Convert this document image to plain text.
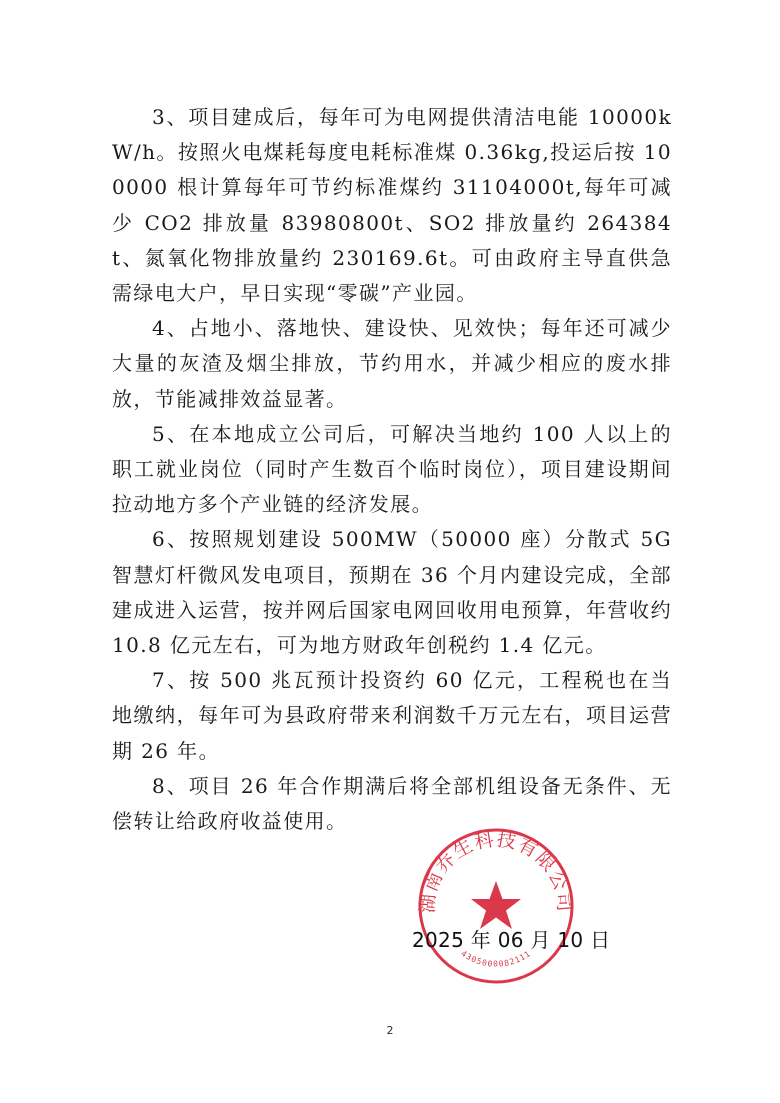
3、项目建成后，每年可为电网提供清洁电能 10000kW/h。按照火电煤耗每度电耗标准煤 0.36kg,投运后按 100000 根计算每年可节约标准煤约 31104000t,每年可减少 CO2 排放量 83980800t、SO2 排放量约 264384t、氮氧化物排放量约 230169.6t。可由政府主导直供急需绿电大户，早日实现“零碳”产业园。

4、占地小、落地快、建设快、见效快；每年还可减少大量的灰渣及烟尘排放，节约用水，并减少相应的废水排放，节能减排效益显著。

5、在本地成立公司后，可解决当地约 100 人以上的职工就业岗位（同时产生数百个临时岗位），项目建设期间拉动地方多个产业链的经济发展。

6、按照规划建设 500MW（50000 座）分散式 5G 智慧灯杆微风发电项目，预期在 36 个月内建设完成，全部建成进入运营，按并网后国家电网回收用电预算，年营收约 10.8 亿元左右，可为地方财政年创税约 1.4 亿元。

7、按 500 兆瓦预计投资约 60 亿元，工程税也在当地缴纳，每年可为县政府带来利润数千万元左右，项目运营期 26 年。

8、项目 26 年合作期满后将全部机组设备无条件、无偿转让给政府收益使用。

湖南乔生科技有限公司
4305000082111
2025 年 06 月 10 日
2
